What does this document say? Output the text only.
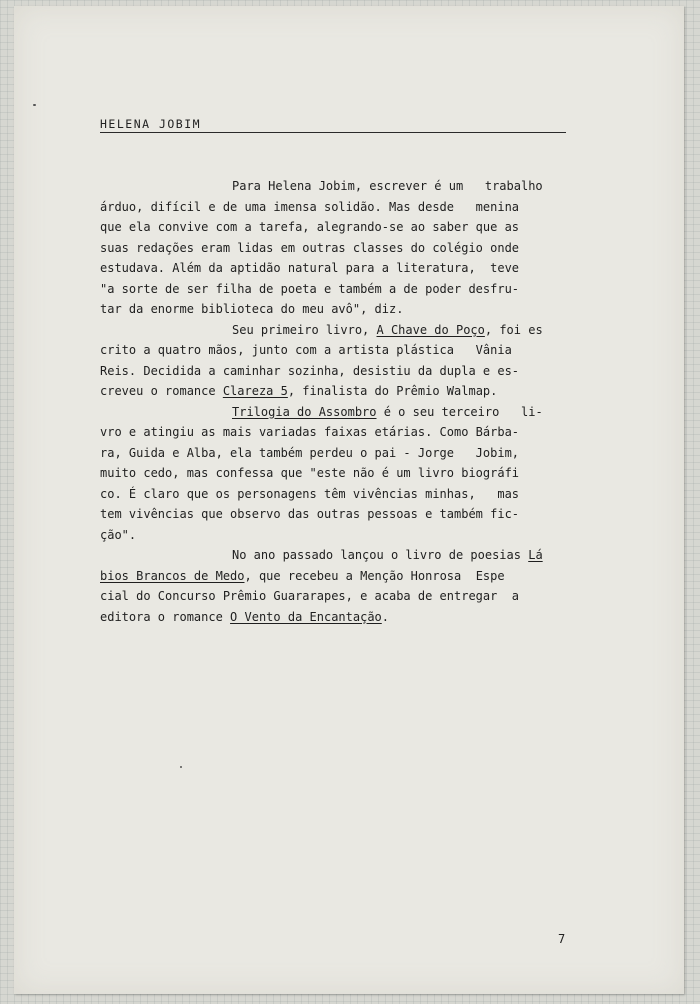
HELENA JOBIM
Para Helena Jobim, escrever é um   trabalho
árduo, difícil e de uma imensa solidão. Mas desde   menina
que ela convive com a tarefa, alegrando-se ao saber que as
suas redações eram lidas em outras classes do colégio onde
estudava. Além da aptidão natural para a literatura,  teve
"a sorte de ser filha de poeta e também a de poder desfru-
tar da enorme biblioteca do meu avô", diz.
Seu primeiro livro, A Chave do Poço , foi es
crito a quatro mãos, junto com a artista plástica   Vânia
Reis. Decidida a caminhar sozinha, desistiu da dupla e es-
creveu o romance Clareza 5 , finalista do Prêmio Walmap.
Trilogia do Assombro é o seu terceiro   li-
vro e atingiu as mais variadas faixas etárias. Como Bárba-
ra, Guida e Alba, ela também perdeu o pai - Jorge   Jobim,
muito cedo, mas confessa que "este não é um livro biográfi
co. É claro que os personagens têm vivências minhas,   mas
tem vivências que observo das outras pessoas e também fic-
ção".
No ano passado lançou o livro de poesias Lá
bios Brancos de Medo , que recebeu a Menção Honrosa  Espe
cial do Concurso Prêmio Guararapes, e acaba de entregar  a
editora o romance O Vento da Encantação .
7
